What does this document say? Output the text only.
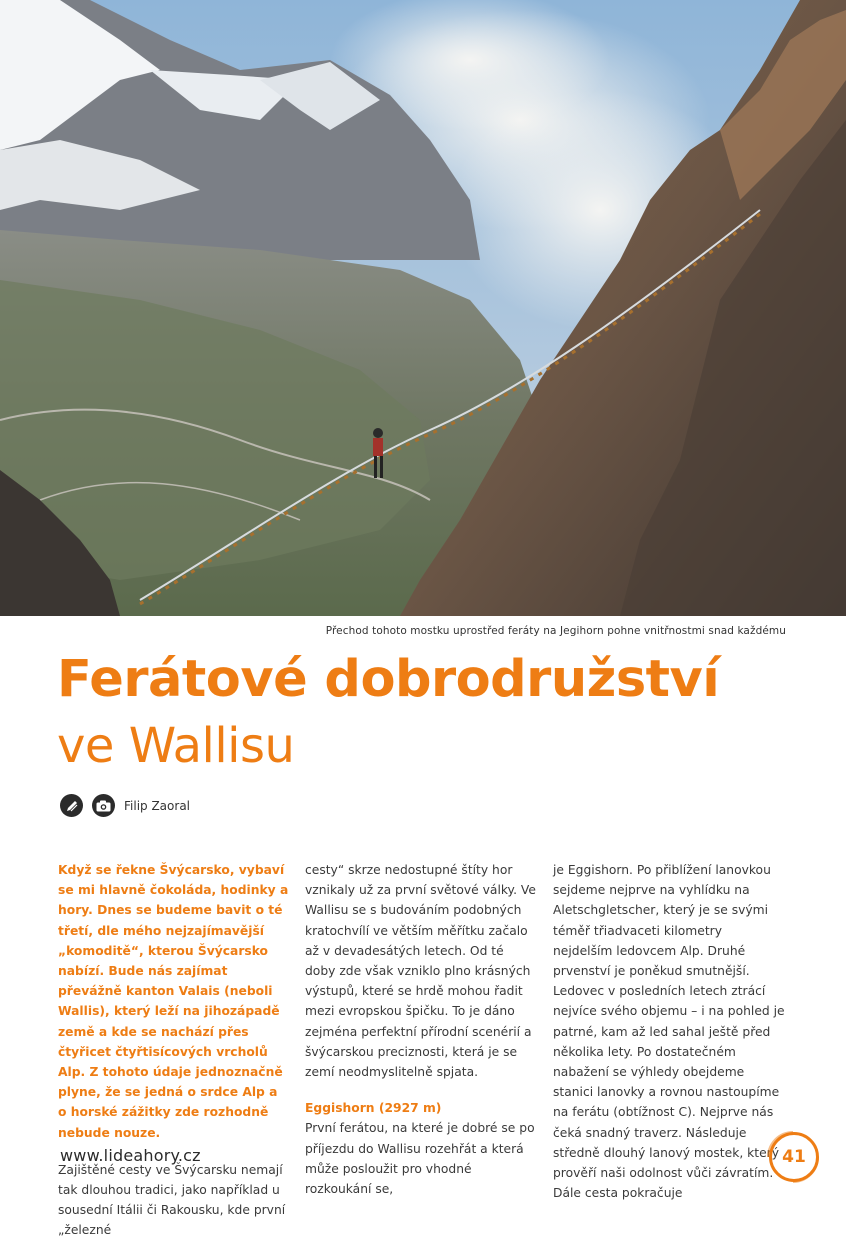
Přechod tohoto mostku uprostřed feráty na Jegihorn pohne vnitřnostmi snad každému
Ferátové dobrodružství
ve Wallisu
Filip Zaoral

Když se řekne Švýcarsko, vybaví se mi hlavně čokoláda, hodinky a hory. Dnes se budeme bavit o té třetí, dle mého nejzajímavější „komoditě“, kterou Švýcarsko nabízí. Bude nás zajímat převážně kanton Valais (neboli Wallis), který leží na jihozápadě země a kde se nachází přes čtyřicet čtyřtisícových vrcholů Alp. Z tohoto údaje jednoznačně plyne, že se jedná o srdce Alp a o horské zážitky zde rozhodně nebude nouze.

Zajištěné cesty ve Švýcarsku nemají tak dlouhou tradici, jako například u sousední Itálii či Rakousku, kde první „železné

cesty“ skrze nedostupné štíty hor vznikaly už za první světové války. Ve Wallisu se s budováním podobných kratochvílí ve větším měřítku začalo až v devadesátých letech. Od té doby zde však vzniklo plno krásných výstupů, které se hrdě mohou řadit mezi evropskou špičku. To je dáno zejména perfektní přírodní scenérií a švýcarskou preciznosti, která je se zemí neodmyslitelně spjata.

Eggishorn (2927 m)

První ferátou, na které je dobré se po příjezdu do Wallisu rozehřát a která může posloužit pro vhodné rozkoukání se,

je Eggishorn. Po přiblížení lanovkou sejdeme nejprve na vyhlídku na Aletschgletscher, který je se svými téměř třiadvaceti kilometry nejdelším ledovcem Alp. Druhé prvenství je poněkud smutnější. Ledovec v posledních letech ztrácí nejvíce svého objemu – i na pohled je patrné, kam až led sahal ještě před několika lety. Po dostatečném nabažení se výhledy obejdeme stanici lanovky a rovnou nastoupíme na ferátu (obtížnost C). Nejprve nás čeká snadný traverz. Následuje středně dlouhý lanový mostek, který prověří naši odolnost vůči závratím. Dále cesta pokračuje

www.lideahory.cz	41
